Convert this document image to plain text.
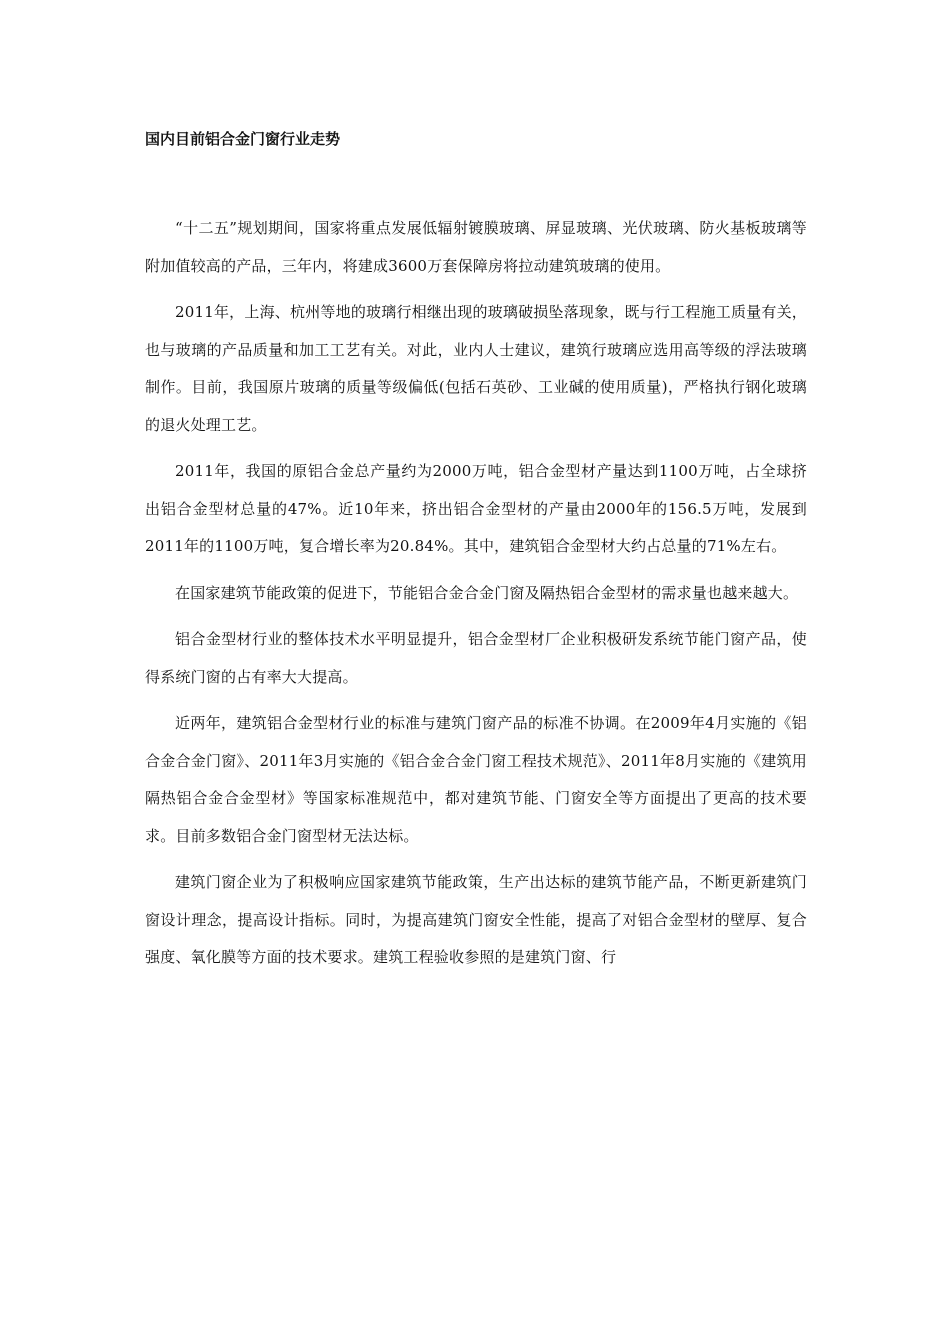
国内目前铝合金门窗行业走势

“十二五”规划期间，国家将重点发展低辐射镀膜玻璃、屏显玻璃、光伏玻璃、防火基板玻璃等附加值较高的产品，三年内，将建成3600万套保障房将拉动建筑玻璃的使用。

2011年，上海、杭州等地的玻璃行相继出现的玻璃破损坠落现象，既与行工程施工质量有关，也与玻璃的产品质量和加工工艺有关。对此，业内人士建议，建筑行玻璃应选用高等级的浮法玻璃制作。目前，我国原片玻璃的质量等级偏低(包括石英砂、工业碱的使用质量)，严格执行钢化玻璃的退火处理工艺。

2011年，我国的原铝合金总产量约为2000万吨，铝合金型材产量达到1100万吨，占全球挤出铝合金型材总量的47%。近10年来，挤出铝合金型材的产量由2000年的156.5万吨，发展到2011年的1100万吨，复合增长率为20.84%。其中，建筑铝合金型材大约占总量的71%左右。

在国家建筑节能政策的促进下，节能铝合金合金门窗及隔热铝合金型材的需求量也越来越大。

铝合金型材行业的整体技术水平明显提升，铝合金型材厂企业积极研发系统节能门窗产品，使得系统门窗的占有率大大提高。

近两年，建筑铝合金型材行业的标准与建筑门窗产品的标准不协调。在2009年4月实施的《铝合金合金门窗》、2011年3月实施的《铝合金合金门窗工程技术规范》、2011年8月实施的《建筑用隔热铝合金合金型材》等国家标准规范中，都对建筑节能、门窗安全等方面提出了更高的技术要求。目前多数铝合金门窗型材无法达标。

建筑门窗企业为了积极响应国家建筑节能政策，生产出达标的建筑节能产品，不断更新建筑门窗设计理念，提高设计指标。同时，为提高建筑门窗安全性能，提高了对铝合金型材的壁厚、复合强度、氧化膜等方面的技术要求。建筑工程验收参照的是建筑门窗、行
